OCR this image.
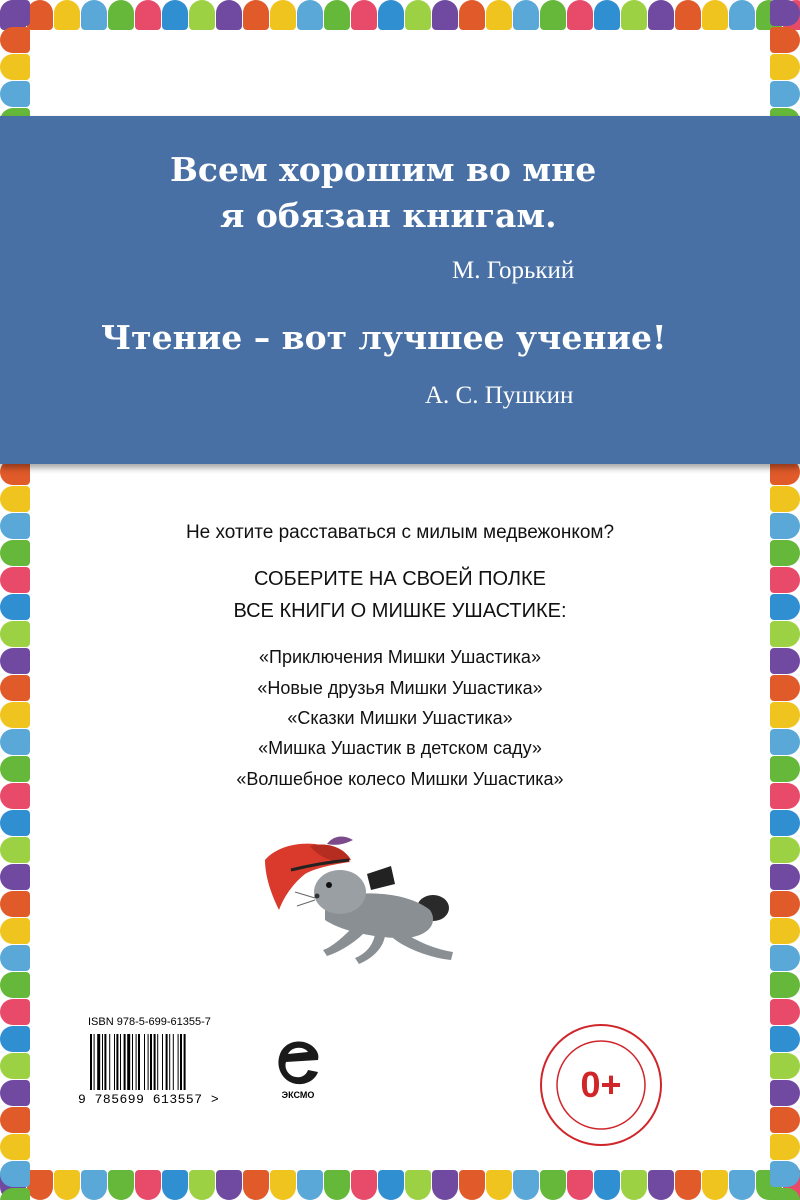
Всем хорошим во мне
я обязан книгам.
М. Горький
Чтение – вот лучшее учение!
А. С. Пушкин
Не хотите расставаться с милым медвежонком?
СОБЕРИТЕ НА СВОЕЙ ПОЛКЕ
ВСЕ КНИГИ О МИШКЕ УШАСТИКЕ:
«Приключения Мишки Ушастика»
«Новые друзья Мишки Ушастика»
«Сказки Мишки Ушастика»
«Мишка Ушастик в детском саду»
«Волшебное колесо Мишки Ушастика»
ISBN 978-5-699-61355-7
9 785699 613557 >	ЭКСМО	0+
